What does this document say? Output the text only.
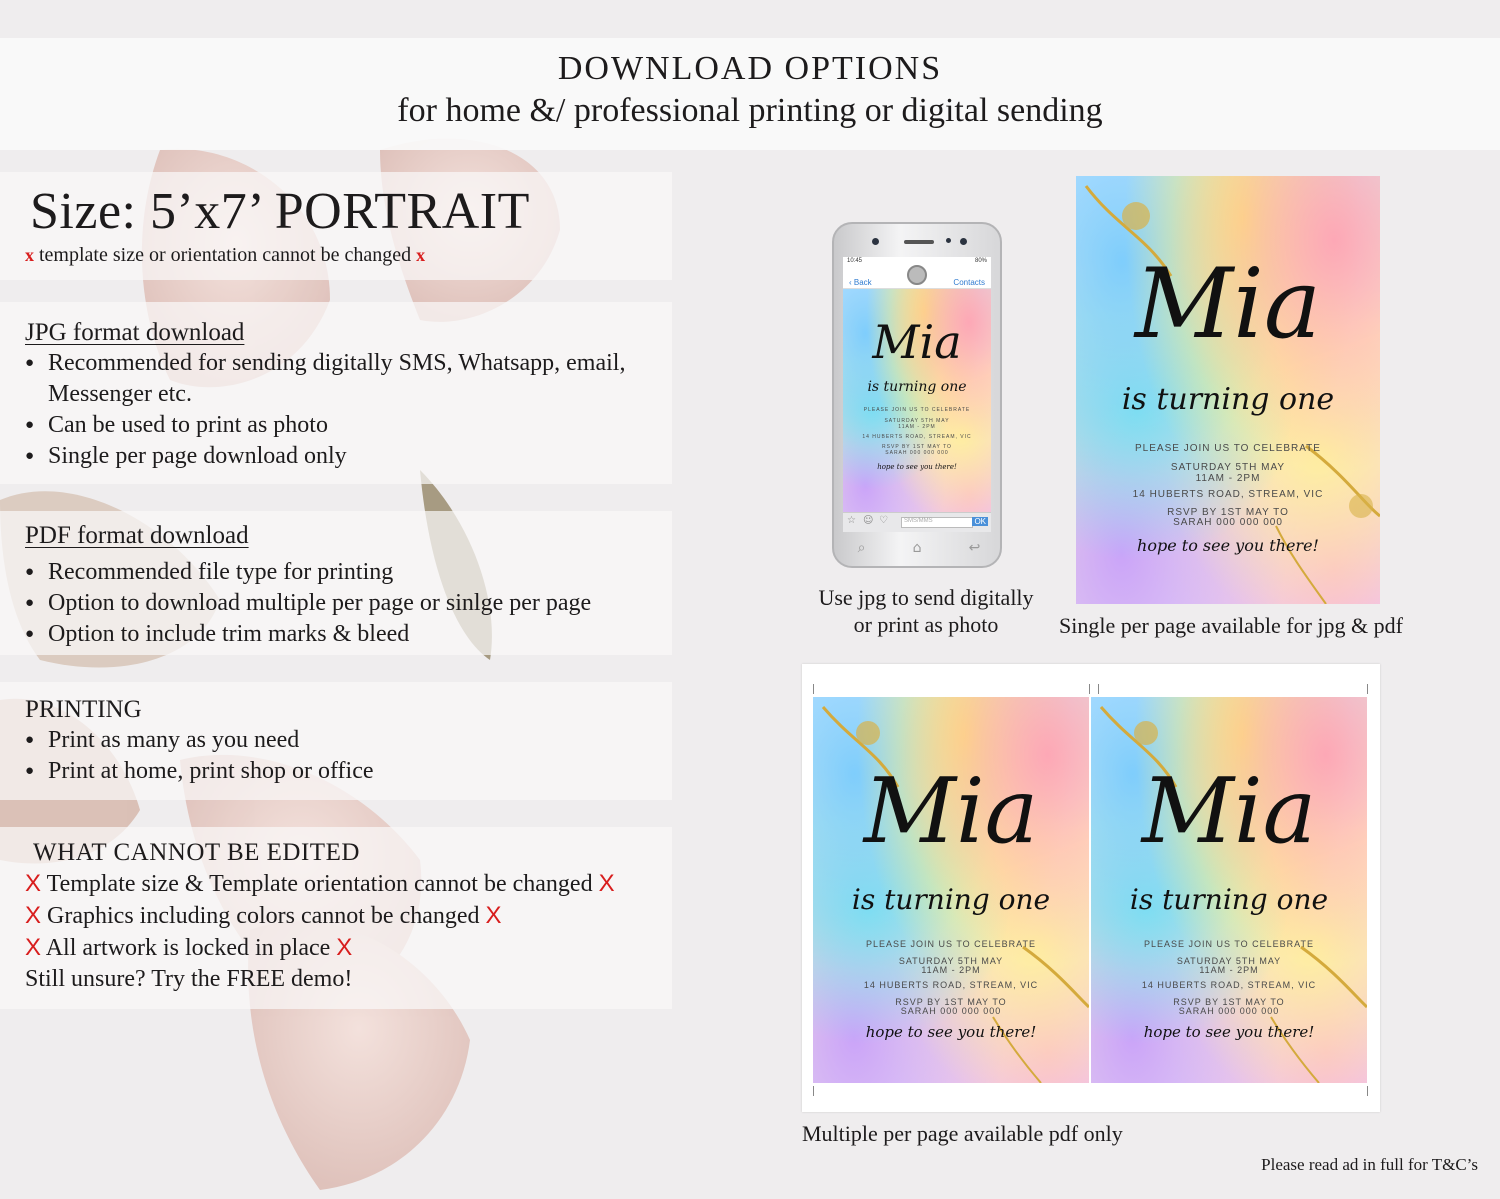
DOWNLOAD OPTIONS
for home &/ professional printing or digital sending
Size: 5’x7’ PORTRAIT
x template size or orientation cannot be changed x
JPG format download
● Recommended for sending digitally SMS, Whatsapp, email, Messenger etc.
● Can be used to print as photo
● Single per page download only
PDF format download
● Recommended file type for printing
● Option to download multiple per page or sinlge per page
● Option to include trim marks & bleed
PRINTING
● Print as many as you need
● Print at home, print shop or office
WHAT CANNOT BE EDITED
X Template size & Template orientation cannot be changed X
X Graphics including colors cannot be changed X
X All artwork is locked in place X
Still unsure? Try the FREE demo!
10:45	80%
‹ Back	Contacts
Mia
is turning one
PLEASE JOIN US TO CELEBRATE
SATURDAY 5TH MAY
11AM - 2PM
14 HUBERTS ROAD, STREAM, VIC
RSVP BY 1ST MAY TO
SARAH 000 000 000
hope to see you there!
☆ ☺ ♡	SMS/MMS	OK
⌕	⌂	↩
Use jpg to send digitally
or print as photo
Mia
is turning one
PLEASE JOIN US TO CELEBRATE
SATURDAY 5TH MAY
11AM - 2PM
14 HUBERTS ROAD, STREAM, VIC
RSVP BY 1ST MAY TO
SARAH 000 000 000
hope to see you there!
Single per page available for jpg & pdf
Mia
is turning one
PLEASE JOIN US TO CELEBRATE
SATURDAY 5TH MAY
11AM - 2PM
14 HUBERTS ROAD, STREAM, VIC
RSVP BY 1ST MAY TO
SARAH 000 000 000
hope to see you there!
Mia
is turning one
PLEASE JOIN US TO CELEBRATE
SATURDAY 5TH MAY
11AM - 2PM
14 HUBERTS ROAD, STREAM, VIC
RSVP BY 1ST MAY TO
SARAH 000 000 000
hope to see you there!
Multiple per page available pdf only
Please read ad in full for T&C’s
